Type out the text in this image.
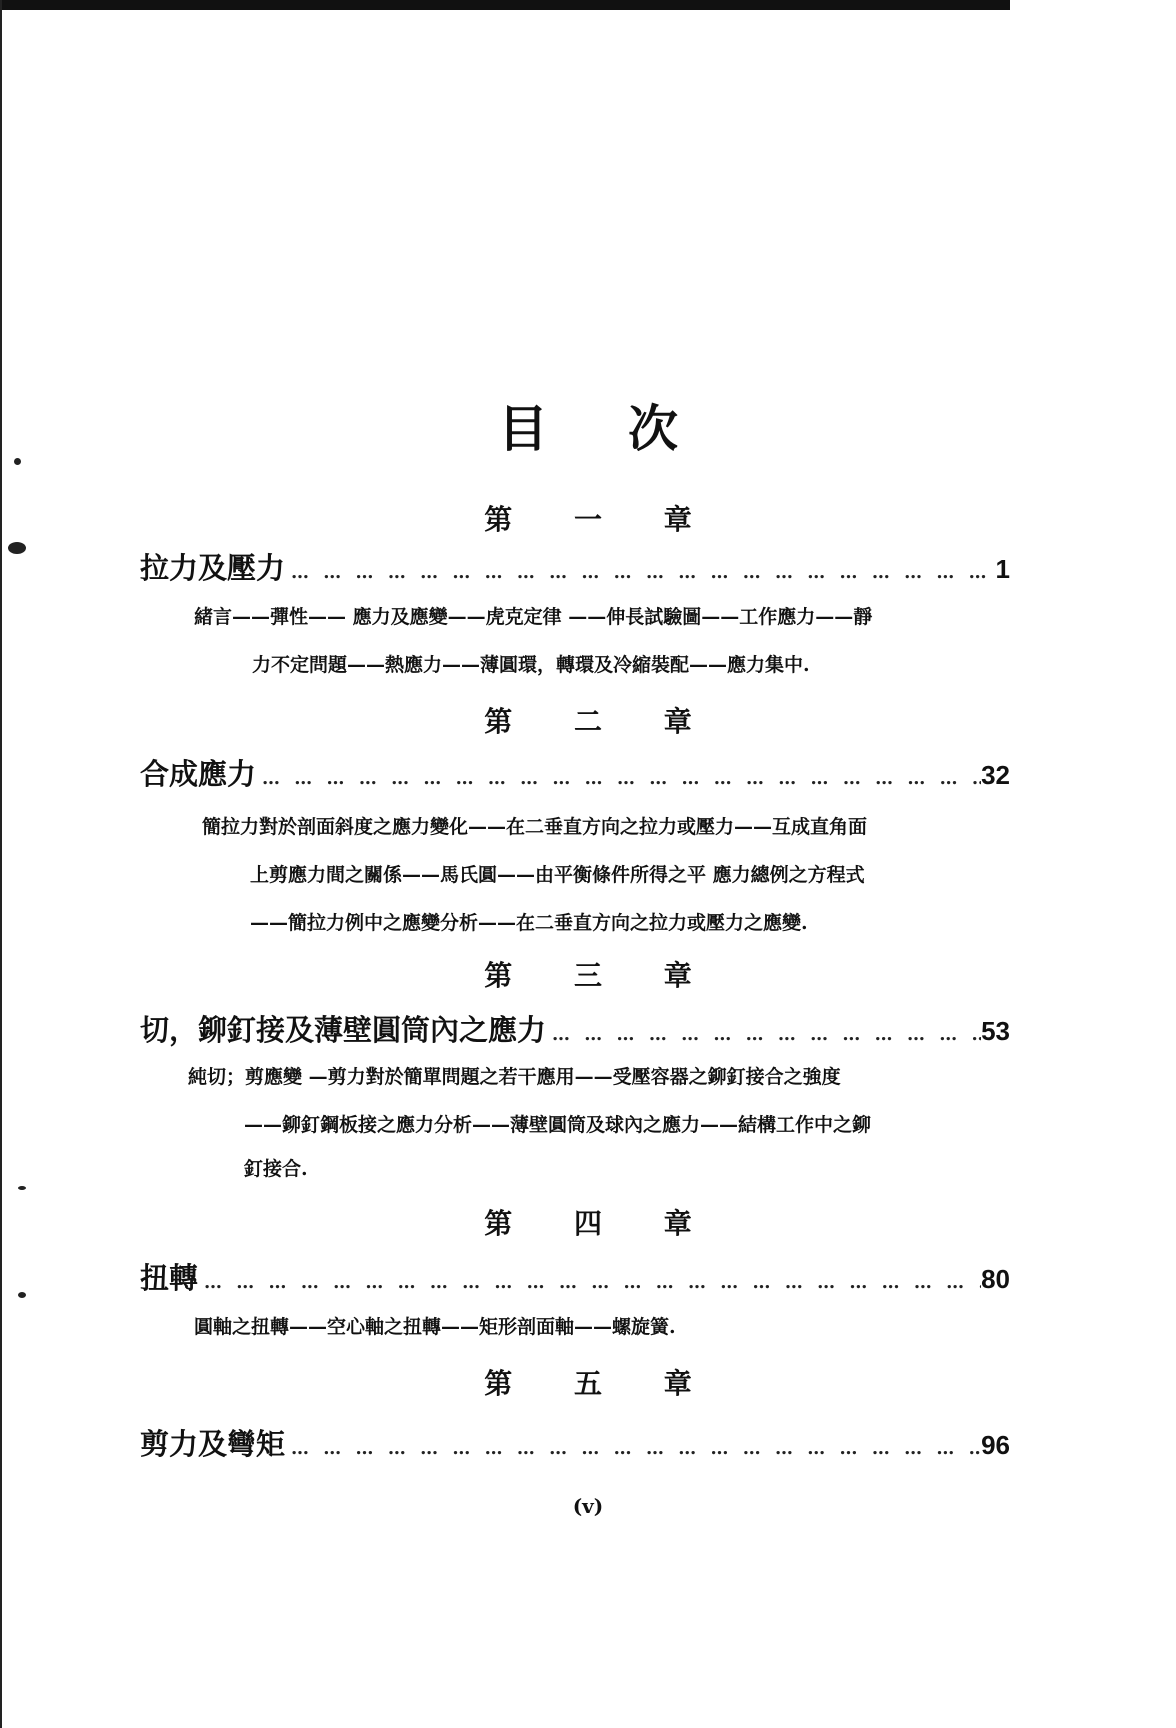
目次
第 一 章
拉力及壓力 … … … … … … … … … … … … … … … … … … … … … … … … … … … … … … … … … … … … … … … … … … …	1
緒言——彈性—— 應力及應變——虎克定律 ——伸長試驗圖——工作應力——靜
力不定問題——熱應力——薄圓環，轉環及冷縮裝配——應力集中.
第 二 章
合成應力 … … … … … … … … … … … … … … … … … … … … … … … … … … … … … … … … … … … … … … … … … … …	32
簡拉力對於剖面斜度之應力變化——在二垂直方向之拉力或壓力——互成直角面
上剪應力間之關係——馬氏圓——由平衡條件所得之平 應力總例之方程式
——簡拉力例中之應變分析——在二垂直方向之拉力或壓力之應變.
第 三 章
切，鉚釘接及薄壁圓筒內之應力 … … … … … … … … … … … … … … … … … … … … … … … … … … … … … … … … … … … … … … … … … … …	53
純切；剪應變 —剪力對於簡單問題之若干應用——受壓容器之鉚釘接合之強度
——鉚釘鋼板接之應力分析——薄壁圓筒及球內之應力——結構工作中之鉚
釘接合.
第 四 章
扭轉 … … … … … … … … … … … … … … … … … … … … … … … … … … … … … … … … … … … … … … … … … … …	80
圓軸之扭轉——空心軸之扭轉——矩形剖面軸——螺旋簧.
第 五 章
剪力及彎矩 … … … … … … … … … … … … … … … … … … … … … … … … … … … … … … … … … … … … … … … … … … …	96
(v)
